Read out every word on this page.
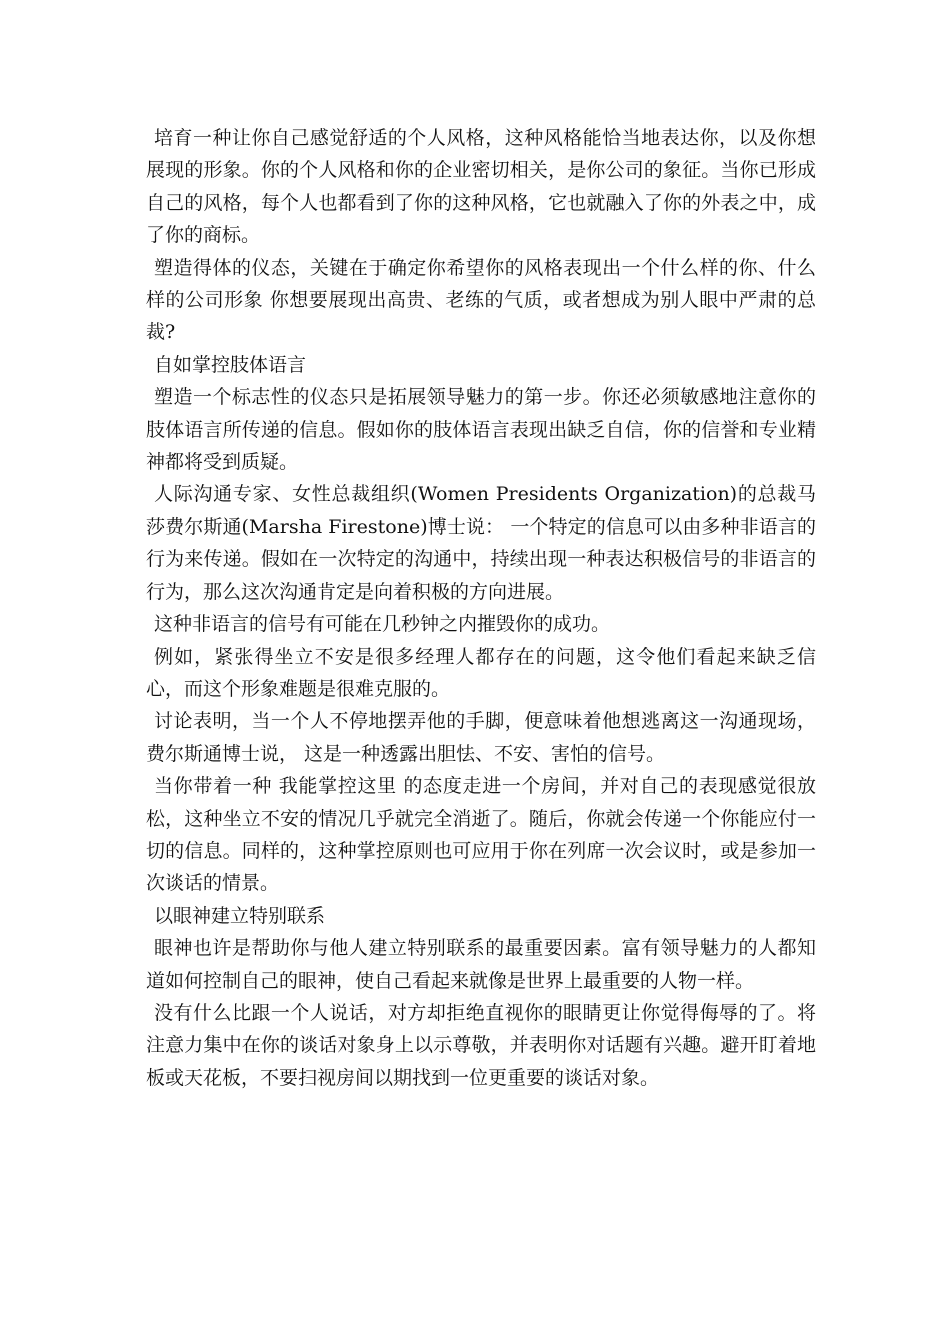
培育一种让你自己感觉舒适的个人风格，这种风格能恰当地表达你，以及你想展现的形象。你的个人风格和你的企业密切相关，是你公司的象征。当你已形成自己的风格，每个人也都看到了你的这种风格，它也就融入了你的外表之中，成了你的商标。

塑造得体的仪态，关键在于确定你希望你的风格表现出一个什么样的你、什么样的公司形象 你想要展现出高贵、老练的气质，或者想成为别人眼中严肃的总裁?

自如掌控肢体语言

塑造一个标志性的仪态只是拓展领导魅力的第一步。你还必须敏感地注意你的肢体语言所传递的信息。假如你的肢体语言表现出缺乏自信，你的信誉和专业精神都将受到质疑。

人际沟通专家、女性总裁组织(Women Presidents Organization)的总裁马莎费尔斯通(Marsha Firestone)博士说： 一个特定的信息可以由多种非语言的行为来传递。假如在一次特定的沟通中，持续出现一种表达积极信号的非语言的行为，那么这次沟通肯定是向着积极的方向进展。

这种非语言的信号有可能在几秒钟之内摧毁你的成功。

例如，紧张得坐立不安是很多经理人都存在的问题，这令他们看起来缺乏信心，而这个形象难题是很难克服的。

讨论表明，当一个人不停地摆弄他的手脚，便意味着他想逃离这一沟通现场，费尔斯通博士说， 这是一种透露出胆怯、不安、害怕的信号。

当你带着一种 我能掌控这里 的态度走进一个房间，并对自己的表现感觉很放松，这种坐立不安的情况几乎就完全消逝了。随后，你就会传递一个你能应付一切的信息。同样的，这种掌控原则也可应用于你在列席一次会议时，或是参加一次谈话的情景。

以眼神建立特别联系

眼神也许是帮助你与他人建立特别联系的最重要因素。富有领导魅力的人都知道如何控制自己的眼神，使自己看起来就像是世界上最重要的人物一样。

没有什么比跟一个人说话，对方却拒绝直视你的眼睛更让你觉得侮辱的了。将注意力集中在你的谈话对象身上以示尊敬，并表明你对话题有兴趣。避开盯着地板或天花板，不要扫视房间以期找到一位更重要的谈话对象。
